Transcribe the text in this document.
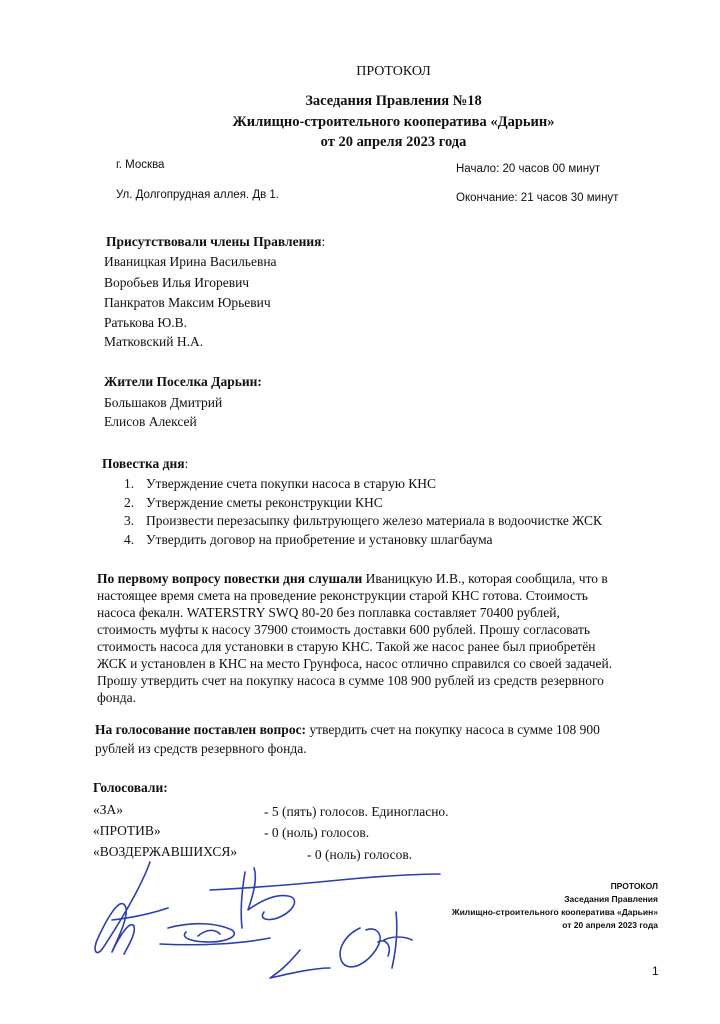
ПРОТОКОЛ
Заседания Правления №18
Жилищно-строительного кооператива «Дарьин»
от 20 апреля 2023 года
г. Москва	Начало: 20 часов 00 минут
Ул. Долгопрудная аллея. Дв 1.	Окончание: 21 часов 30 минут
Присутствовали члены Правления:
Иваницкая Ирина Васильевна
Воробьев Илья Игоревич
Панкратов Максим Юрьевич
Ратькова Ю.В.
Матковский Н.А.
Жители Поселка Дарьин:
Большаков Дмитрий
Елисов Алексей
Повестка дня:
1. Утверждение счета покупки насоса в старую КНС
2. Утверждение сметы реконструкции КНС
3. Произвести перезасыпку фильтрующего железо материала в водоочистке ЖСК
4. Утвердить договор на приобретение и установку шлагбаума
По первому вопросу повестки дня слушали Иваницкую И.В., которая сообщила, что в
настоящее время смета на проведение реконструкции старой КНС готова. Стоимость
насоса фекалн. WATERSTRY SWQ 80-20 без поплавка составляет 70400 рублей,
стоимость муфты к насосу 37900 стоимость доставки 600 рублей. Прошу согласовать
стоимость насоса для установки в старую КНС. Такой же насос ранее был приобретён
ЖСК и установлен в КНС на место Грунфоса, насос отлично справился со своей задачей.
Прошу утвердить счет на покупку насоса в сумме 108 900 рублей из средств резервного
фонда.
На голосование поставлен вопрос: утвердить счет на покупку насоса в сумме 108 900
рублей из средств резервного фонда.
Голосовали:
«ЗА»	- 5 (пять) голосов. Единогласно.
«ПРОТИВ»	- 0 (ноль) голосов.
«ВОЗДЕРЖАВШИХСЯ»	- 0 (ноль) голосов.
ПРОТОКОЛ
Заседания Правления
Жилищно-строительного кооператива «Дарьин»
от 20 апреля 2023 года
1
